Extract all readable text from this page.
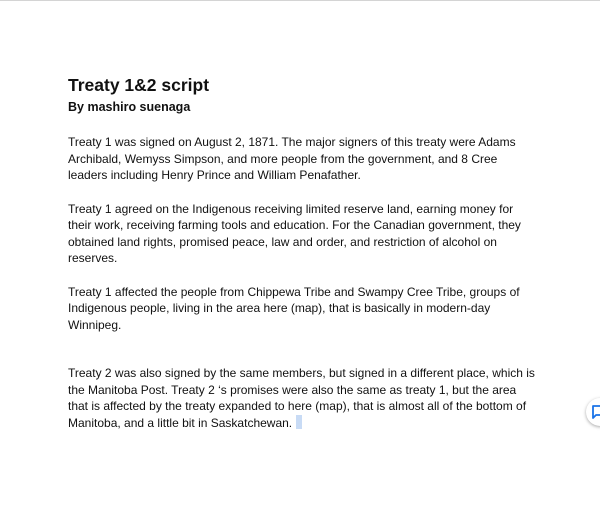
Treaty 1&2 script
By mashiro suenaga

Treaty 1 was signed on August 2, 1871. The major signers of this treaty were Adams Archibald, Wemyss Simpson, and more people from the government, and 8 Cree leaders including Henry Prince and William Penafather.

Treaty 1 agreed on the Indigenous receiving limited reserve land, earning money for their work, receiving farming tools and education. For the Canadian government, they obtained land rights, promised peace, law and order, and restriction of alcohol on reserves.

Treaty 1 affected the people from Chippewa Tribe and Swampy Cree Tribe, groups of Indigenous people, living in the area here (map), that is basically in modern-day Winnipeg.

Treaty 2 was also signed by the same members, but signed in a different place, which is the Manitoba Post. Treaty 2 ‘s promises were also the same as treaty 1, but the area that is affected by the treaty expanded to here (map), that is almost all of the bottom of Manitoba, and a little bit in Saskatchewan.
